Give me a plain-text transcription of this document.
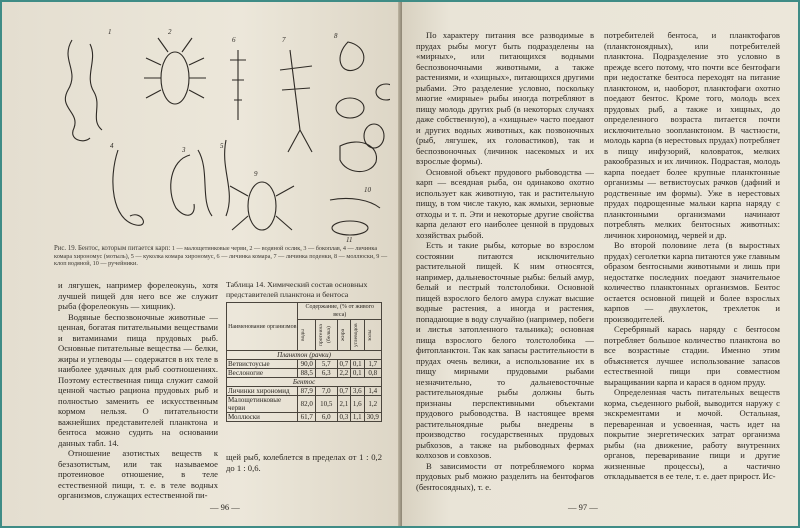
1	2
3
4	5
6	7	8
9
10
11
Рис. 19. Бентос, которым питается карп: 1 — малощетинковые черви, 2 — водяной ослик, 3 — бокоплав, 4 — личинка комара хирономус (мотыль), 5 — куколка комара хирономус, 6 — личинка комара, 7 — личинка поденки, 8 — моллюски, 9 — клоп водяной, 10 — ручейники.

и лягушек, например форелеокунь, хотя лучшей пищей для него все же служит рыба (форелеокунь — хищник).

Водяные беспозвоночные животные — ценная, богатая питательными веществами и витаминами пища прудовых рыб. Основные питательные вещества — белки, жиры и углеводы — содержатся в их теле в наиболее удачных для рыб соотношениях. Поэтому естественная пища служит самой ценной частью рациона прудовых рыб и полностью заменить ее искусственным кормом нельзя. О питательности важнейших представителей планктона и бентоса можно судить на основании данных табл. 14.

Отношение азотистых веществ к безазотистым, или так называемое протеиновое отношение, в теле естественной пищи, т. е. в теле водных организмов, служащих естественной пи-

Таблица 14. Химический состав основных представителей планктона и бентоса
Наименование организмов	Содержание, (% от живого веса)				

	воды	протеина (белка)	жира	углеводов	золы

Планктон (рачки)					
Ветвистоусые	90,0	5,7	0,7	0,1	1,7
Веслоногие	88,5	6,3	2,2	0,1	0,8
Бентос					
Личинки хирономид	87,9	7,0	0,7	3,6	1,4
Малощетинковые черви	82,0	10,5	2,1	1,6	1,2
Моллюски	61,7	6,0	0,3	1,1	30,9
щей рыб, колеблется в пределах от 1 : 0,2 до 1 : 0,6.
— 96 —

По характеру питания все разводимые в прудах рыбы могут быть подразделены на «мирных», или питающихся водными беспозвоночными животными, а также растениями, и «хищных», питающихся другими рыбами. Это разделение условно, поскольку многие «мирные» рыбы иногда потребляют в пищу молодь других рыб (в некоторых случаях даже собственную), а «хищные» часто поедают и других водных животных, как позвоночных (рыб, лягушек, их головастиков), так и беспозвоночных (личинок насекомых и их взрослые формы).

Основной объект прудового рыбоводства — карп — всеядная рыба, он одинаково охотно использует как животную, так и растительную пищу, в том числе такую, как жмыхи, зерновые отходы и т. п. Эти и некоторые другие свойства карпа делают его наиболее ценной в прудовых хозяйствах рыбой.

Есть и такие рыбы, которые во взрослом состоянии питаются исключительно растительной пищей. К ним относятся, например, дальневосточные рыбы: белый амур, белый и пестрый толстолобики. Основной пищей взрослого белого амура служат высшие водные растения, а иногда и растения, попадающие в воду случайно (например, побеги и листья затопленного тальника); основная пища взрослого белого толстолобика — фитопланктон. Так как запасы растительности в прудах очень велики, а использование их в пищу мирными прудовыми рыбами незначительно, то дальневосточные растительноядные рыбы должны быть признаны перспективными объектами прудового рыбоводства. В настоящее время растительноядные рыбы внедрены в производство государственных прудовых рыбхозов, а также на рыбоводных фермах колхозов и совхозов.

В зависимости от потребляемого корма прудовых рыб можно разделить на бентофагов (бентосоядных), т. е.

потребителей бентоса, и планктофагов (планктоноядных), или потребителей планктона. Подразделение это условно в прежде всего потому, что почти все бентофаги при недостатке бентоса переходят на питание планктоном, и, наоборот, планктофаги охотно поедают бентос. Кроме того, молодь всех прудовых рыб, а также и хищных, до определенного возраста питается почти исключительно зоопланктоном. В частности, молодь карпа (в нерестовых прудах) потребляет в пищу инфузорий, коловраток, мелких ракообразных и их личинок. Подрастая, молодь карпа поедает более крупные планктонные организмы — ветвистоусых рачков (дафний и родственные им формы). Уже в нерестовых прудах подрощенные мальки карпа наряду с планктонными организмами начинают потреблять мелких бентосных животных: личинок хирономид, червей и др.

Во второй половине лета (в выростных прудах) сеголетки карпа питаются уже главным образом бентосными животными и лишь при недостатке последних поедают значительное количество планктонных организмов. Бентос остается основной пищей и более взрослых карпов — двухлеток, трехлеток и производителей.

Серебряный карась наряду с бентосом потребляет большое количество планктона во все возрастные стадии. Именно этим объясняется лучшее использование запасов естественной пищи при совместном выращивании карпа и карася в одном пруду.

Определенная часть питательных веществ корма, съеденного рыбой, выводится наружу с экскрементами и мочой. Остальная, переваренная и усвоенная, часть идет на покрытие энергетических затрат организма рыбы (на движение, работу внутренних органов, переваривание пищи и другие жизненные процессы), а частично откладывается в ее теле, т. е. дает прирост. Ис-

— 97 —
